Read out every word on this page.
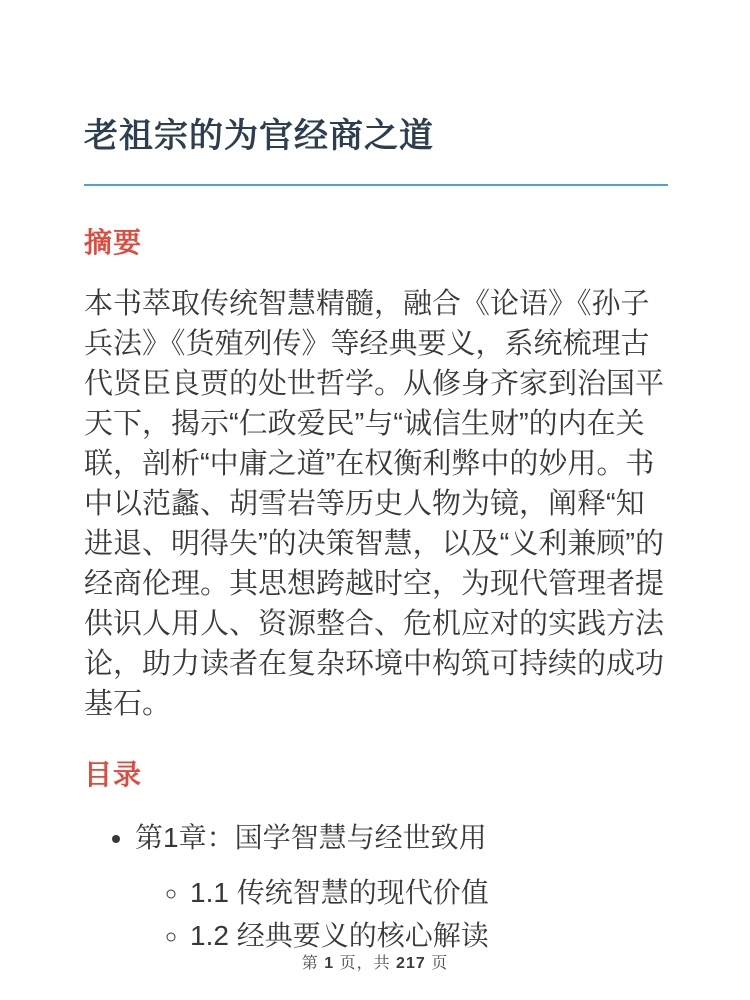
老祖宗的为官经商之道
摘要

本书萃取传统智慧精髓，融合《论语》《孙子兵法》《货殖列传》等经典要义，系统梳理古代贤臣良贾的处世哲学。从修身齐家到治国平天下，揭示“仁政爱民”与“诚信生财”的内在关联，剖析“中庸之道”在权衡利弊中的妙用。书中以范蠡、胡雪岩等历史人物为镜，阐释“知进退、明得失”的决策智慧，以及“义利兼顾”的经商伦理。其思想跨越时空，为现代管理者提供识人用人、资源整合、危机应对的实践方法论，助力读者在复杂环境中构筑可持续的成功基石。

目录
• 第1章：国学智慧与经世致用
◦ 1.1 传统智慧的现代价值
◦ 1.2 经典要义的核心解读
第 1 页，共 217 页
